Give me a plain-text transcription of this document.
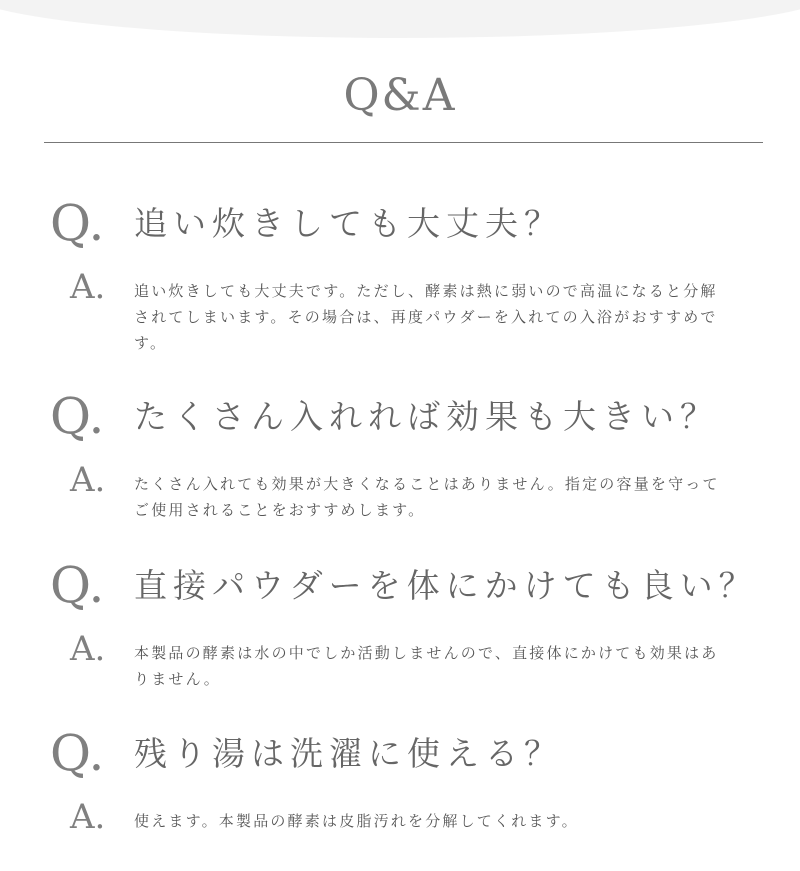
Q&A
Q. 追い炊きしても大丈夫？
A. 追い炊きしても大丈夫です。ただし、酵素は熱に弱いので高温になると分解されてしまいます。その場合は、再度パウダーを入れての入浴がおすすめです。
Q. たくさん入れれば効果も大きい？
A. たくさん入れても効果が大きくなることはありません。指定の容量を守ってご使用されることをおすすめします。
Q. 直接パウダーを体にかけても良い？
A. 本製品の酵素は水の中でしか活動しませんので、直接体にかけても効果はありません。
Q. 残り湯は洗濯に使える？
A. 使えます。本製品の酵素は皮脂汚れを分解してくれます。
